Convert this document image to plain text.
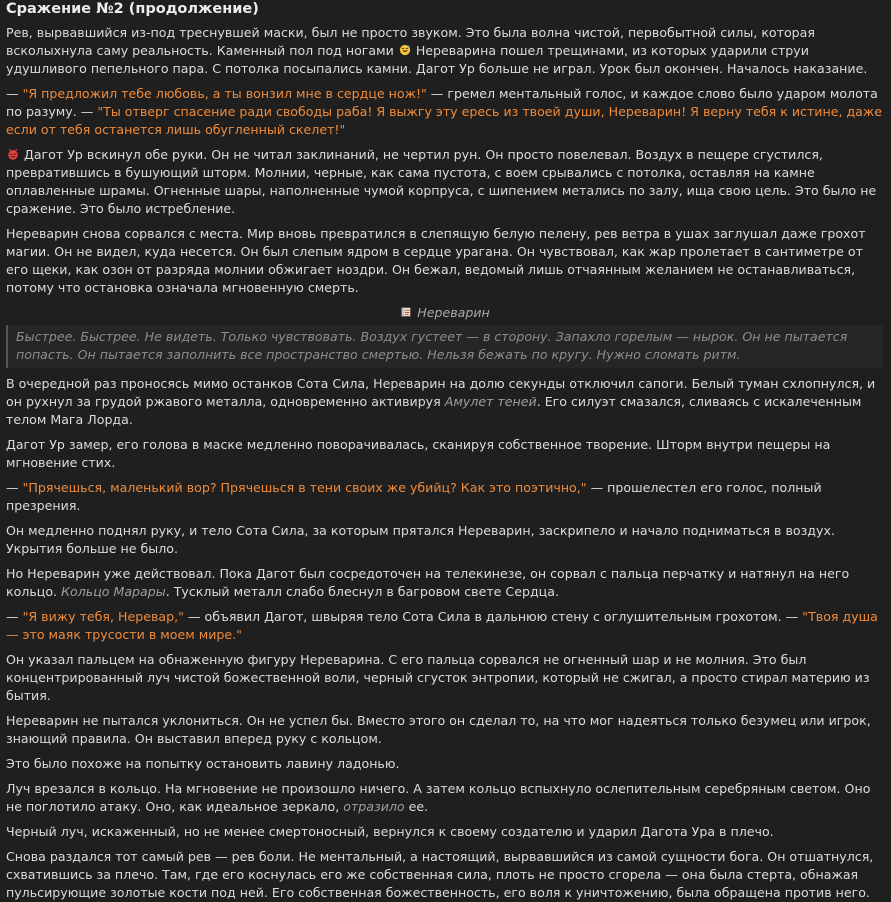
Сражение №2 (продолжение)

Рев, вырвавшийся из-под треснувшей маски, был не просто звуком. Это была волна чистой, первобытной силы, которая всколыхнула саму реальность. Каменный пол под ногами  Нереварина пошел трещинами, из которых ударили струи удушливого пепельного пара. С потолка посыпались камни. Дагот Ур больше не играл. Урок был окончен. Началось наказание.

— "Я предложил тебе любовь, а ты вонзил мне в сердце нож!" — гремел ментальный голос, и каждое слово было ударом молота по разуму. — "Ты отверг спасение ради свободы раба! Я выжгу эту ересь из твоей души, Нереварин! Я верну тебя к истине, даже если от тебя останется лишь обугленный скелет!"

Дагот Ур вскинул обе руки. Он не читал заклинаний, не чертил рун. Он просто повелевал. Воздух в пещере сгустился, превратившись в бушующий шторм. Молнии, черные, как сама пустота, с воем срывались с потолка, оставляя на камне оплавленные шрамы. Огненные шары, наполненные чумой корпруса, с шипением метались по залу, ища свою цель. Это было не сражение. Это было истребление.

Нереварин снова сорвался с места. Мир вновь превратился в слепящую белую пелену, рев ветра в ушах заглушал даже грохот магии. Он не видел, куда несется. Он был слепым ядром в сердце урагана. Он чувствовал, как жар пролетает в сантиметре от его щеки, как озон от разряда молнии обжигает ноздри. Он бежал, ведомый лишь отчаянным желанием не останавливаться, потому что остановка означала мгновенную смерть.

Нереварин
Быстрее. Быстрее. Не видеть. Только чувствовать. Воздух густеет — в сторону. Запахло горелым — нырок. Он не пытается попасть. Он пытается заполнить все пространство смертью. Нельзя бежать по кругу. Нужно сломать ритм.

В очередной раз проносясь мимо останков Сота Сила, Нереварин на долю секунды отключил сапоги. Белый туман схлопнулся, и он рухнул за грудой ржавого металла, одновременно активируя Амулет теней. Его силуэт смазался, сливаясь с искалеченным телом Мага Лорда.

Дагот Ур замер, его голова в маске медленно поворачивалась, сканируя собственное творение. Шторм внутри пещеры на мгновение стих.

— "Прячешься, маленький вор? Прячешься в тени своих же убийц? Как это поэтично," — прошелестел его голос, полный презрения.

Он медленно поднял руку, и тело Сота Сила, за которым прятался Нереварин, заскрипело и начало подниматься в воздух. Укрытия больше не было.

Но Нереварин уже действовал. Пока Дагот был сосредоточен на телекинезе, он сорвал с пальца перчатку и натянул на него кольцо. Кольцо Марары. Тусклый металл слабо блеснул в багровом свете Сердца.

— "Я вижу тебя, Неревар," — объявил Дагот, швыряя тело Сота Сила в дальнюю стену с оглушительным грохотом. — "Твоя душа — это маяк трусости в моем мире."

Он указал пальцем на обнаженную фигуру Нереварина. С его пальца сорвался не огненный шар и не молния. Это был концентрированный луч чистой божественной воли, черный сгусток энтропии, который не сжигал, а просто стирал материю из бытия.

Нереварин не пытался уклониться. Он не успел бы. Вместо этого он сделал то, на что мог надеяться только безумец или игрок, знающий правила. Он выставил вперед руку с кольцом.

Это было похоже на попытку остановить лавину ладонью.

Луч врезался в кольцо. На мгновение не произошло ничего. А затем кольцо вспыхнуло ослепительным серебряным светом. Оно не поглотило атаку. Оно, как идеальное зеркало, отразило ее.

Черный луч, искаженный, но не менее смертоносный, вернулся к своему создателю и ударил Дагота Ура в плечо.

Снова раздался тот самый рев — рев боли. Не ментальный, а настоящий, вырвавшийся из самой сущности бога. Он отшатнулся, схватившись за плечо. Там, где его коснулась его же собственная сила, плоть не просто сгорела — она была стерта, обнажая пульсирующие золотые кости под ней. Его собственная божественность, его воля к уничтожению, была обращена против него.
